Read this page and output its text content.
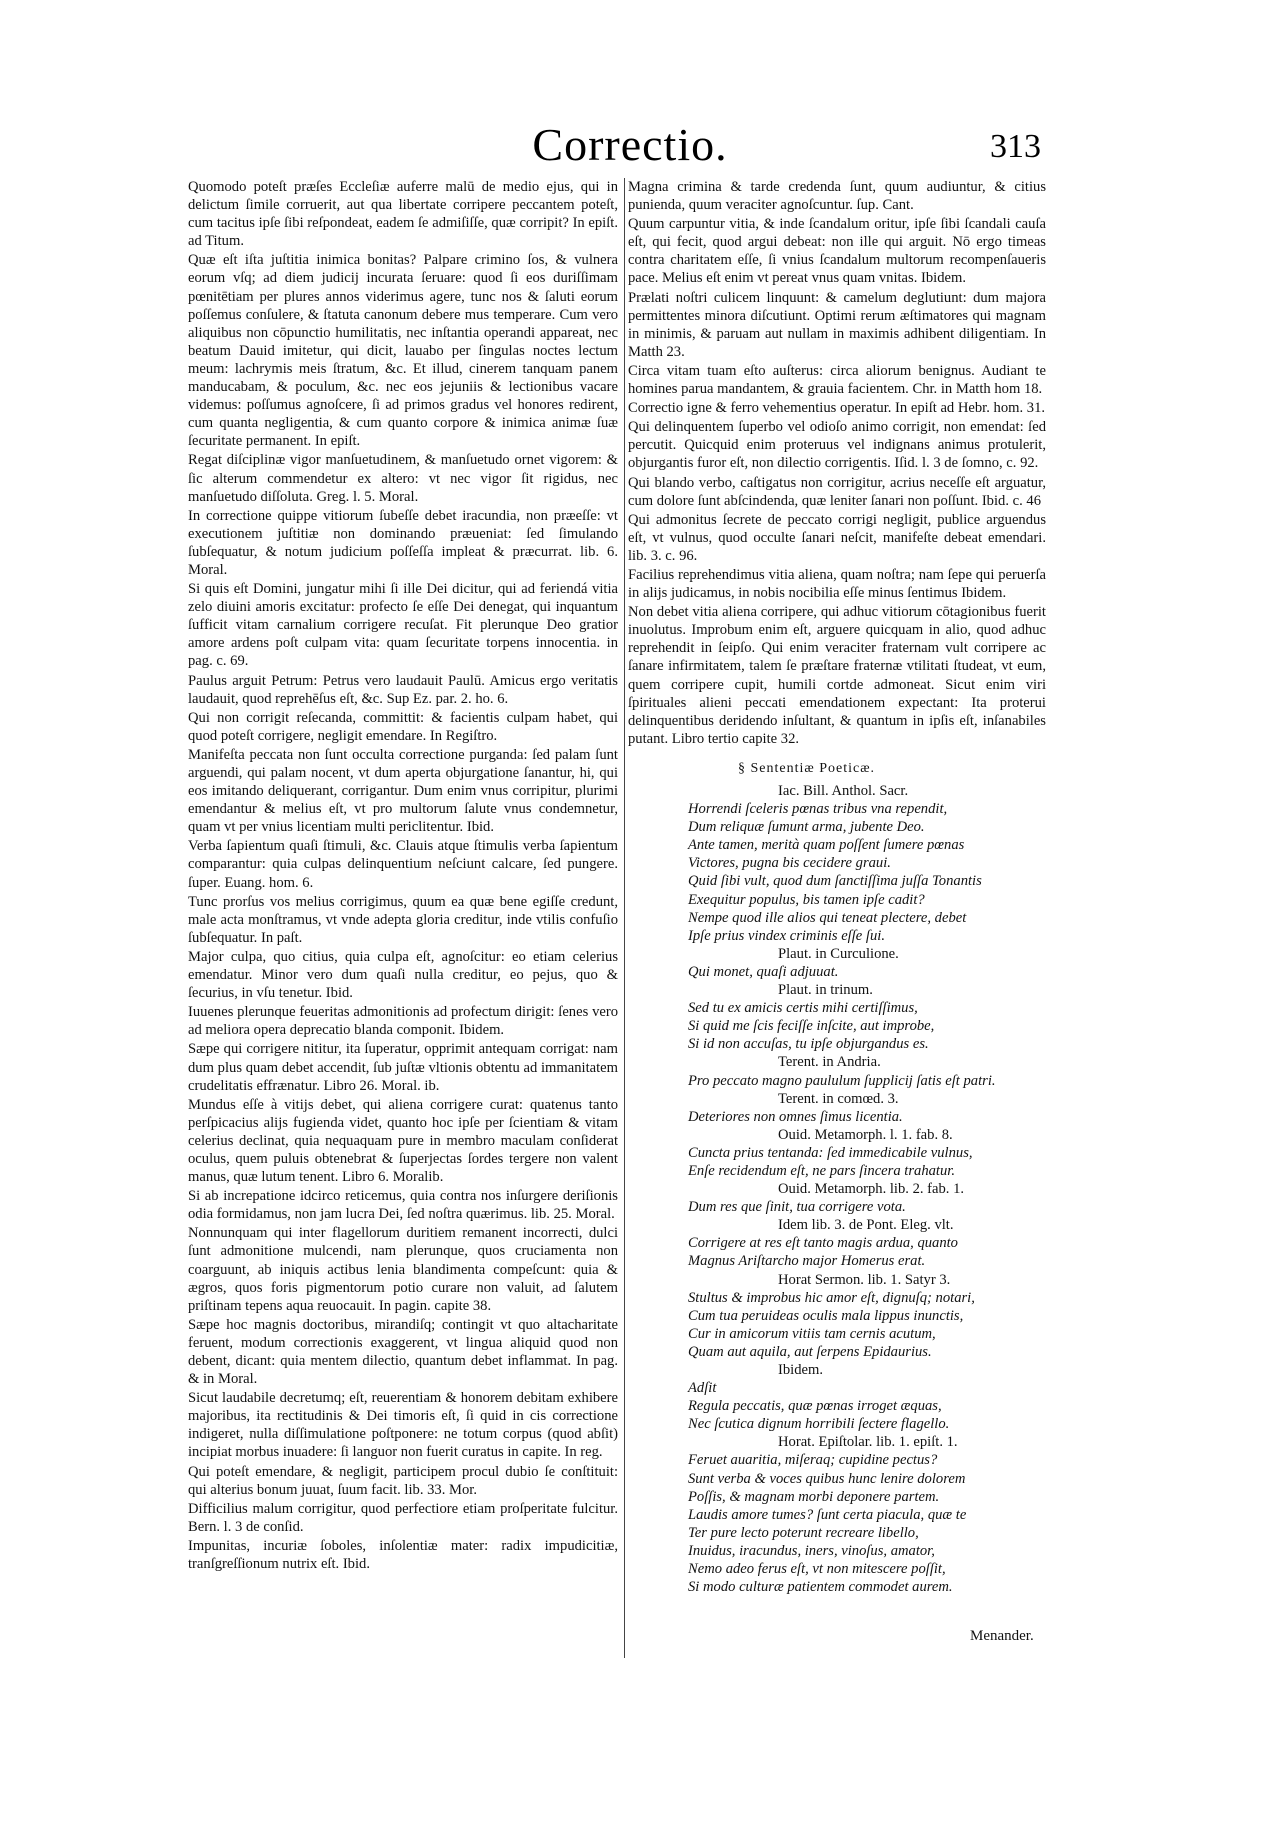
Correctio.	313

Quomodo poteſt præſes Eccleſiæ auferre malū de medio ejus, qui in delictum ſimile corruerit, aut qua libertate corripere peccantem poteſt, cum tacitus ipſe ſibi reſpondeat, eadem ſe admiſiſſe, quæ corripit? In epiſt. ad Titum.

Quæ eſt iſta juſtitia inimica bonitas? Palpare crimino ſos, & vulnera eorum vſq; ad diem judicij incurata ſeruare: quod ſi eos duriſſimam pœnitētiam per plures annos viderimus agere, tunc nos & ſaluti eorum poſſemus conſulere, & ſtatuta canonum debere mus temperare. Cum vero aliquibus non cōpunctio humilitatis, nec inſtantia operandi appareat, nec beatum Dauid imitetur, qui dicit, lauabo per ſingulas noctes lectum meum: lachrymis meis ſtratum, &c. Et illud, cinerem tanquam panem manducabam, & poculum, &c. nec eos jejuniis & lectionibus vacare videmus: poſſumus agnoſcere, ſi ad primos gradus vel honores redirent, cum quanta negligentia, & cum quanto corpore & inimica animæ ſuæ ſecuritate permanent. In epiſt.

Regat diſciplinæ vigor manſuetudinem, & manſuetudo ornet vigorem: & ſic alterum commendetur ex altero: vt nec vigor ſit rigidus, nec manſuetudo diſſoluta. Greg. l. 5. Moral.

In correctione quippe vitiorum ſubeſſe debet iracundia, non præeſſe: vt executionem juſtitiæ non dominando præueniat: ſed ſimulando ſubſequatur, & notum judicium poſſeſſa impleat & præcurrat. lib. 6. Moral.

Si quis eſt Domini, jungatur mihi ſi ille Dei dicitur, qui ad feriendá vitia zelo diuini amoris excitatur: profecto ſe eſſe Dei denegat, qui inquantum ſufficit vitam carnalium corrigere recuſat. Fit plerunque Deo gratior amore ardens poſt culpam vita: quam ſecuritate torpens innocentia. in pag. c. 69.

Paulus arguit Petrum: Petrus vero laudauit Paulū. Amicus ergo veritatis laudauit, quod reprehēſus eſt, &c. Sup Ez. par. 2. ho. 6.

Qui non corrigit reſecanda, committit: & facientis culpam habet, qui quod poteſt corrigere, negligit emendare. In Regiſtro.

Manifeſta peccata non ſunt occulta correctione purganda: ſed palam ſunt arguendi, qui palam nocent, vt dum aperta objurgatione ſanantur, hi, qui eos imitando deliquerant, corrigantur. Dum enim vnus corripitur, plurimi emendantur & melius eſt, vt pro multorum ſalute vnus condemnetur, quam vt per vnius licentiam multi periclitentur. Ibid.

Verba ſapientum quaſi ſtimuli, &c. Clauis atque ſtimulis verba ſapientum comparantur: quia culpas delinquentium neſciunt calcare, ſed pungere. ſuper. Euang. hom. 6.

Tunc prorſus vos melius corrigimus, quum ea quæ bene egiſſe credunt, male acta monſtramus, vt vnde adepta gloria creditur, inde vtilis confuſio ſubſequatur. In paſt.

Major culpa, quo citius, quia culpa eſt, agnoſcitur: eo etiam celerius emendatur. Minor vero dum quaſi nulla creditur, eo pejus, quo & ſecurius, in vſu tenetur. Ibid.

Iuuenes plerunque feueritas admonitionis ad profectum dirigit: ſenes vero ad meliora opera deprecatio blanda componit. Ibidem.

Sæpe qui corrigere nititur, ita ſuperatur, opprimit antequam corrigat: nam dum plus quam debet accendit, ſub juſtæ vltionis obtentu ad immanitatem crudelitatis effrænatur. Libro 26. Moral. ib.

Mundus eſſe à vitijs debet, qui aliena corrigere curat: quatenus tanto perſpicacius alijs fugienda videt, quanto hoc ipſe per ſcientiam & vitam celerius declinat, quia nequaquam pure in membro maculam conſiderat oculus, quem puluis obtenebrat & ſuperjectas ſordes tergere non valent manus, quæ lutum tenent. Libro 6. Moralib.

Si ab increpatione idcirco reticemus, quia contra nos inſurgere deriſionis odia formidamus, non jam lucra Dei, ſed noſtra quærimus. lib. 25. Moral.

Nonnunquam qui inter flagellorum duritiem remanent incorrecti, dulci ſunt admonitione mulcendi, nam plerunque, quos cruciamenta non coarguunt, ab iniquis actibus lenia blandimenta compeſcunt: quia & ægros, quos foris pigmentorum potio curare non valuit, ad ſalutem priſtinam tepens aqua reuocauit. In pagin. capite 38.

Sæpe hoc magnis doctoribus, mirandiſq; contingit vt quo altacharitate feruent, modum correctionis exaggerent, vt lingua aliquid quod non debent, dicant: quia mentem dilectio, quantum debet inflammat. In pag. & in Moral.

Sicut laudabile decretumq; eſt, reuerentiam & honorem debitam exhibere majoribus, ita rectitudinis & Dei timoris eſt, ſi quid in cis correctione indigeret, nulla diſſimulatione poſtponere: ne totum corpus (quod abſit) incipiat morbus inuadere: ſi languor non fuerit curatus in capite. In reg.

Qui poteſt emendare, & negligit, participem procul dubio ſe conſtituit: qui alterius bonum juuat, ſuum facit. lib. 33. Mor.

Difficilius malum corrigitur, quod perfectiore etiam proſperitate fulcitur. Bern. l. 3 de conſid.

Impunitas, incuriæ ſoboles, inſolentiæ mater: radix impudicitiæ, tranſgreſſionum nutrix eſt. Ibid.

Magna crimina & tarde credenda ſunt, quum audiuntur, & citius punienda, quum veraciter agnoſcuntur. ſup. Cant.

Quum carpuntur vitia, & inde ſcandalum oritur, ipſe ſibi ſcandali cauſa eſt, qui fecit, quod argui debeat: non ille qui arguit. Nō ergo timeas contra charitatem eſſe, ſi vnius ſcandalum multorum recompenſaueris pace. Melius eſt enim vt pereat vnus quam vnitas. Ibidem.

Prælati noſtri culicem linquunt: & camelum deglutiunt: dum majora permittentes minora diſcutiunt. Optimi rerum æſtimatores qui magnam in minimis, & paruam aut nullam in maximis adhibent diligentiam. In Matth 23.

Circa vitam tuam eſto auſterus: circa aliorum benignus. Audiant te homines parua mandantem, & grauia facientem. Chr. in Matth hom 18.

Correctio igne & ferro vehementius operatur. In epiſt ad Hebr. hom. 31.

Qui delinquentem ſuperbo vel odioſo animo corrigit, non emendat: ſed percutit. Quicquid enim proteruus vel indignans animus protulerit, objurgantis furor eſt, non dilectio corrigentis. Iſid. l. 3 de ſomno, c. 92.

Qui blando verbo, caſtigatus non corrigitur, acrius neceſſe eſt arguatur, cum dolore ſunt abſcindenda, quæ leniter ſanari non poſſunt. Ibid. c. 46

Qui admonitus ſecrete de peccato corrigi negligit, publice arguendus eſt, vt vulnus, quod occulte ſanari neſcit, manifeſte debeat emendari. lib. 3. c. 96.

Facilius reprehendimus vitia aliena, quam noſtra; nam ſepe qui peruerſa in alijs judicamus, in nobis nocibilia eſſe minus ſentimus Ibidem.

Non debet vitia aliena corripere, qui adhuc vitiorum cōtagionibus fuerit inuolutus. Improbum enim eſt, arguere quicquam in alio, quod adhuc reprehendit in ſeipſo. Qui enim veraciter fraternam vult corripere ac ſanare infirmitatem, talem ſe præſtare fraternæ vtilitati ſtudeat, vt eum, quem corripere cupit, humili cortde admoneat. Sicut enim viri ſpirituales alieni peccati emendationem expectant: Ita proterui delinquentibus deridendo inſultant, & quantum in ipſis eſt, inſanabiles putant. Libro tertio capite 32.

§ Sententiæ Poeticæ.

Iac. Bill. Anthol. Sacr.

Horrendi ſceleris pœnas tribus vna rependit,

Dum reliquæ ſumunt arma, jubente Deo.

Ante tamen, merità quam poſſent ſumere pœnas

Victores, pugna bis cecidere graui.

Quid ſibi vult, quod dum ſanctiſſima juſſa Tonantis

Exequitur populus, bis tamen ipſe cadit?

Nempe quod ille alios qui teneat plectere, debet

Ipſe prius vindex criminis eſſe ſui.

Plaut. in Curculione.

Qui monet, quaſi adjuuat.

Plaut. in trinum.

Sed tu ex amicis certis mihi certiſſimus,

Si quid me ſcis feciſſe inſcite, aut improbe,

Si id non accuſas, tu ipſe objurgandus es.

Terent. in Andria.

Pro peccato magno paululum ſupplicij ſatis eſt patri.

Terent. in comœd. 3.

Deteriores non omnes ſimus licentia.

Ouid. Metamorph. l. 1. fab. 8.

Cuncta prius tentanda: ſed immedicabile vulnus,

Enſe recidendum eſt, ne pars ſincera trahatur.

Ouid. Metamorph. lib. 2. fab. 1.

Dum res que ſinit, tua corrigere vota.

Idem lib. 3. de Pont. Eleg. vlt.

Corrigere at res eſt tanto magis ardua, quanto

Magnus Ariſtarcho major Homerus erat.

Horat Sermon. lib. 1. Satyr 3.

Stultus & improbus hic amor eſt, dignuſq; notari,

Cum tua peruideas oculis mala lippus inunctis,

Cur in amicorum vitiis tam cernis acutum,

Quam aut aquila, aut ſerpens Epidaurius.

Ibidem.

Adſit

Regula peccatis, quæ pœnas irroget æquas,

Nec ſcutica dignum horribili ſectere flagello.

Horat. Epiſtolar. lib. 1. epiſt. 1.

Feruet auaritia, miſeraq; cupidine pectus?

Sunt verba & voces quibus hunc lenire dolorem

Poſſis, & magnam morbi deponere partem.

Laudis amore tumes? ſunt certa piacula, quæ te

Ter pure lecto poterunt recreare libello,

Inuidus, iracundus, iners, vinoſus, amator,

Nemo adeo ferus eſt, vt non mitescere poſſit,

Si modo culturæ patientem commodet aurem.

Menander.
